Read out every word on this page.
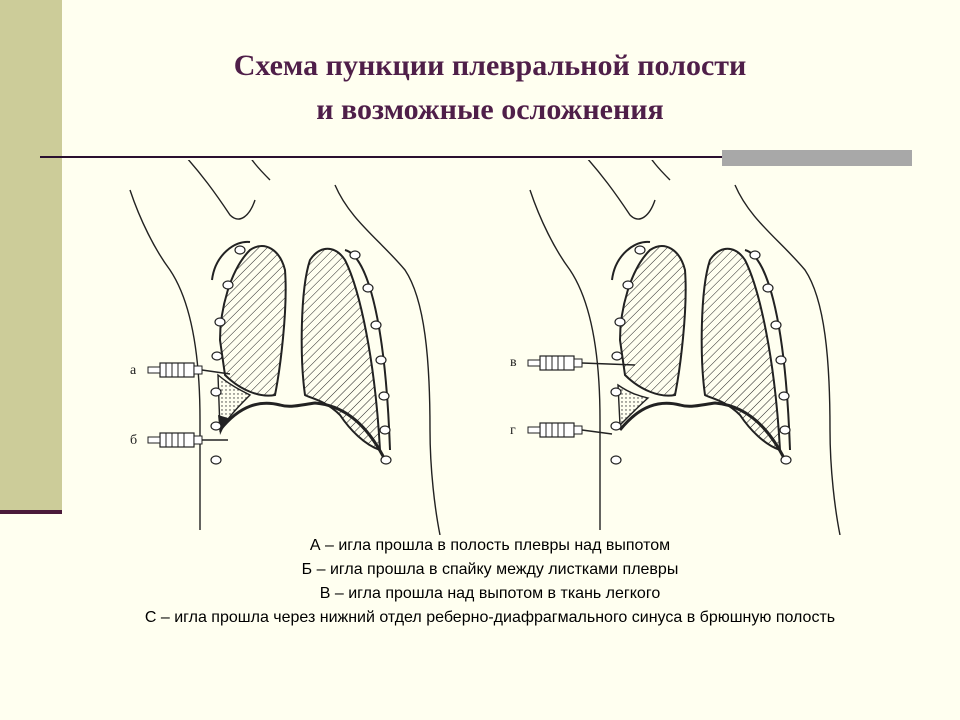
Схема пункции плевральной полости
и возможные осложнения
а
б
в
г
А – игла прошла в полость плевры над выпотом
Б – игла прошла в спайку между листками плевры
В – игла прошла над выпотом в ткань легкого
С – игла прошла через нижний отдел реберно-диафрагмального синуса в брюшную полость
